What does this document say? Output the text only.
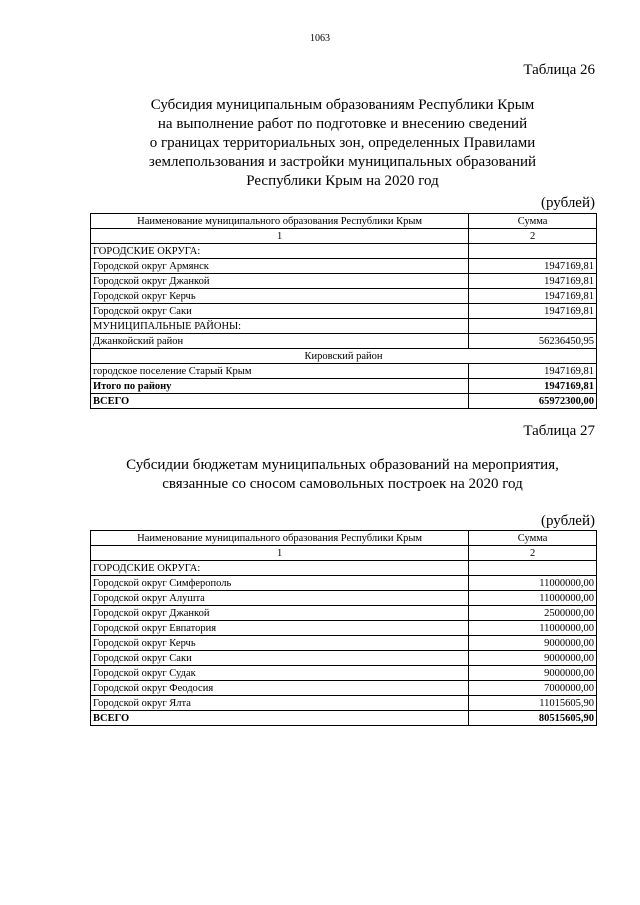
1063
Таблица 26
Субсидия муниципальным образованиям Республики Крым
на выполнение работ по подготовке и внесению сведений
о границах территориальных зон, определенных Правилами
землепользования и застройки муниципальных образований
Республики Крым на 2020 год
(рублей)
Наименование муниципального образования Республики Крым	Сумма
1	2
ГОРОДСКИЕ ОКРУГА:	
Городской округ Армянск	1947169,81
Городской округ Джанкой	1947169,81
Городской округ Керчь	1947169,81
Городской округ Саки	1947169,81
МУНИЦИПАЛЬНЫЕ РАЙОНЫ:	
Джанкойский район	56236450,95
Кировский район	
городское поселение Старый Крым	1947169,81
Итого по району	1947169,81
ВСЕГО	65972300,00
Таблица 27
Субсидии бюджетам муниципальных образований на мероприятия,
связанные со сносом самовольных построек на 2020 год
(рублей)
Наименование муниципального образования Республики Крым	Сумма
1	2
ГОРОДСКИЕ ОКРУГА:	
Городской округ Симферополь	11000000,00
Городской округ Алушта	11000000,00
Городской округ Джанкой	2500000,00
Городской округ Евпатория	11000000,00
Городской округ Керчь	9000000,00
Городской округ Саки	9000000,00
Городской округ Судак	9000000,00
Городской округ Феодосия	7000000,00
Городской округ Ялта	11015605,90
ВСЕГО	80515605,90
